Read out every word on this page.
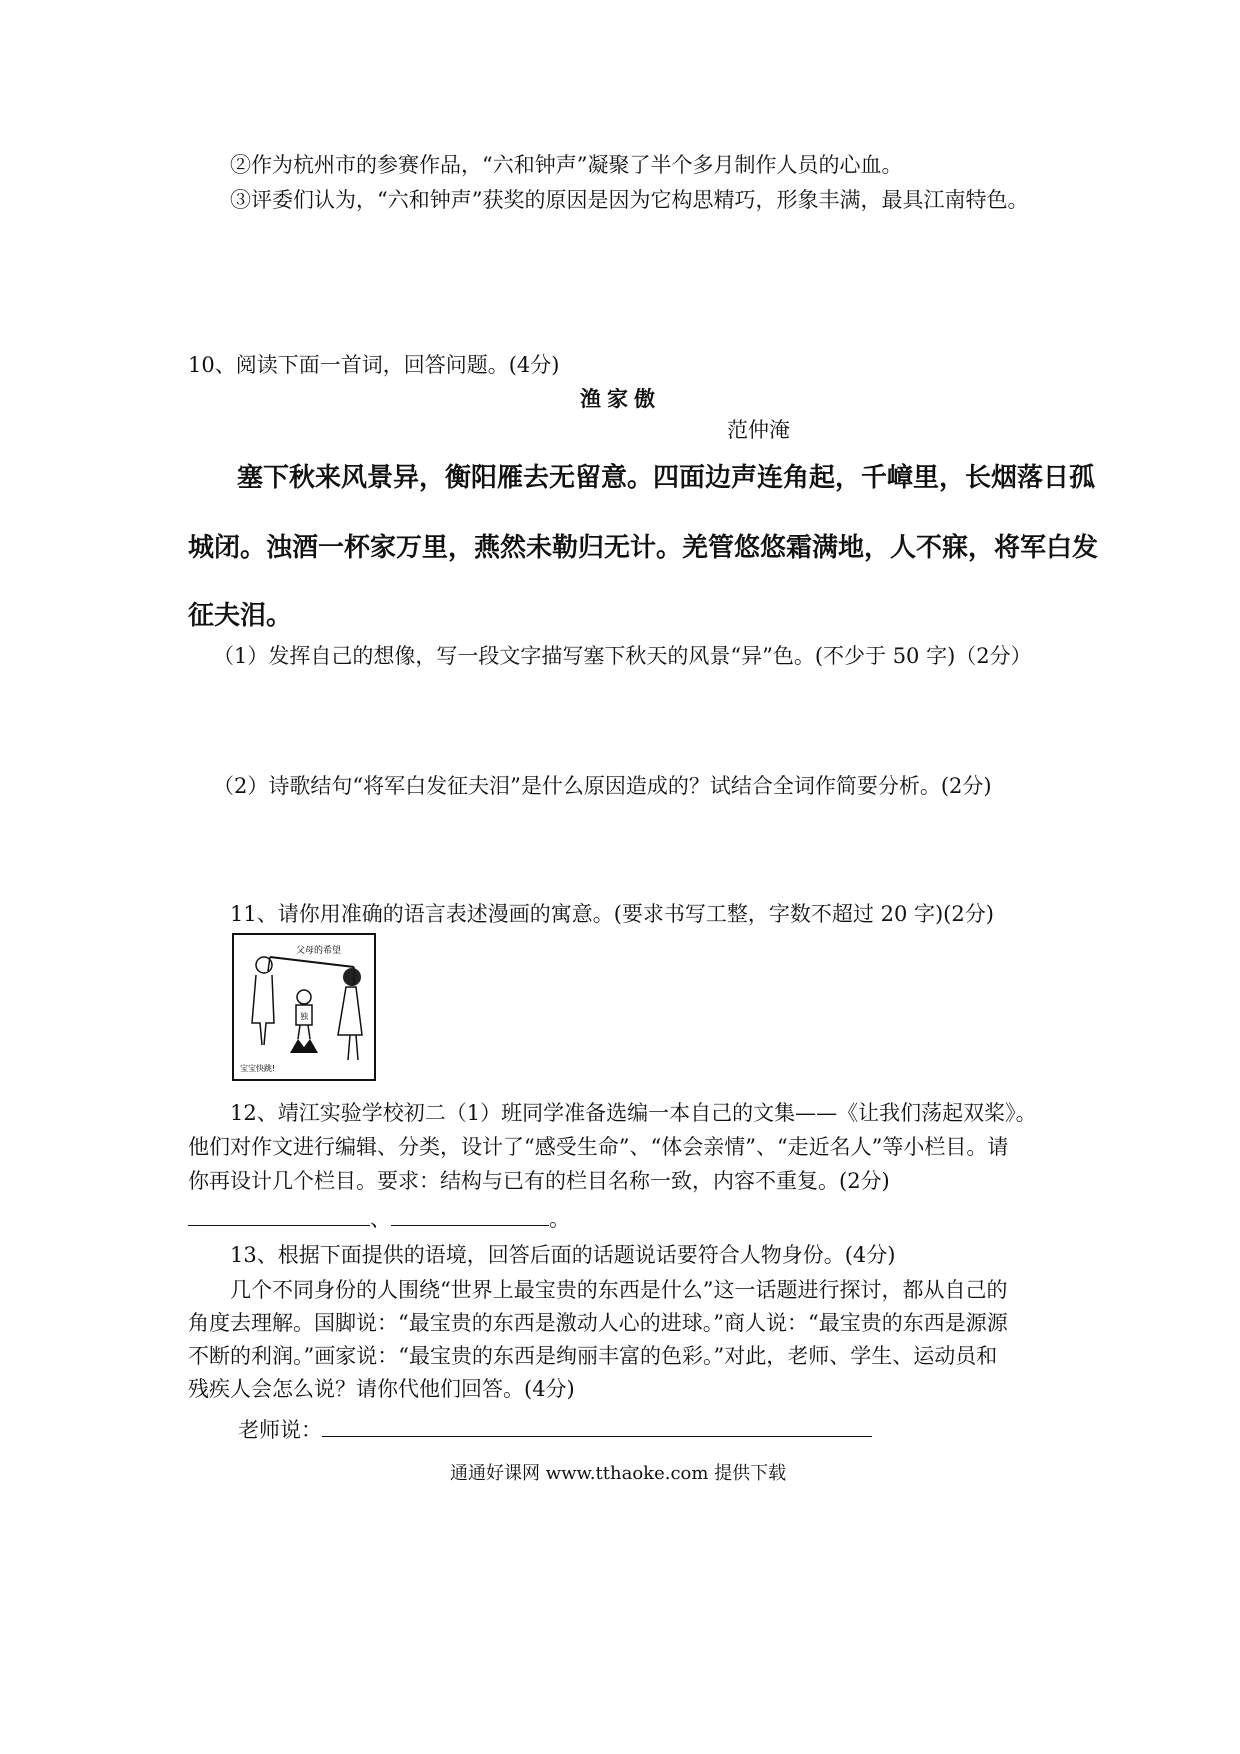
②作为杭州市的参赛作品，“六和钟声”凝聚了半个多月制作人员的心血。
③评委们认为，“六和钟声”获奖的原因是因为它构思精巧，形象丰满，最具江南特色。
10、阅读下面一首词，回答问题。(4分)
渔家傲
范仲淹
塞下秋来风景异，衡阳雁去无留意。四面边声连角起，千嶂里，长烟落日孤
城闭。浊酒一杯家万里，燕然未勒归无计。羌管悠悠霜满地，人不寐，将军白发
征夫泪。
（1）发挥自己的想像，写一段文字描写塞下秋天的风景“异”色。(不少于 50 字)（2分）
（2）诗歌结句“将军白发征夫泪”是什么原因造成的？试结合全词作简要分析。(2分)
11、请你用准确的语言表述漫画的寓意。(要求书写工整，字数不超过 20 字)(2分)
父母的希望
独
宝宝快跳!
12、靖江实验学校初二（1）班同学准备选编一本自己的文集——《让我们荡起双桨》。
他们对作文进行编辑、分类，设计了“感受生命”、“体会亲情”、“走近名人”等小栏目。请
你再设计几个栏目。要求：结构与已有的栏目名称一致，内容不重复。(2分)
、	。
13、根据下面提供的语境，回答后面的话题说话要符合人物身份。(4分)
几个不同身份的人围绕“世界上最宝贵的东西是什么”这一话题进行探讨，都从自己的
角度去理解。国脚说：“最宝贵的东西是激动人心的进球。”商人说：“最宝贵的东西是源源
不断的利润。”画家说：“最宝贵的东西是绚丽丰富的色彩。”对此，老师、学生、运动员和
残疾人会怎么说？请你代他们回答。(4分)
老师说：
通通好课网 www.tthaoke.com 提供下载
